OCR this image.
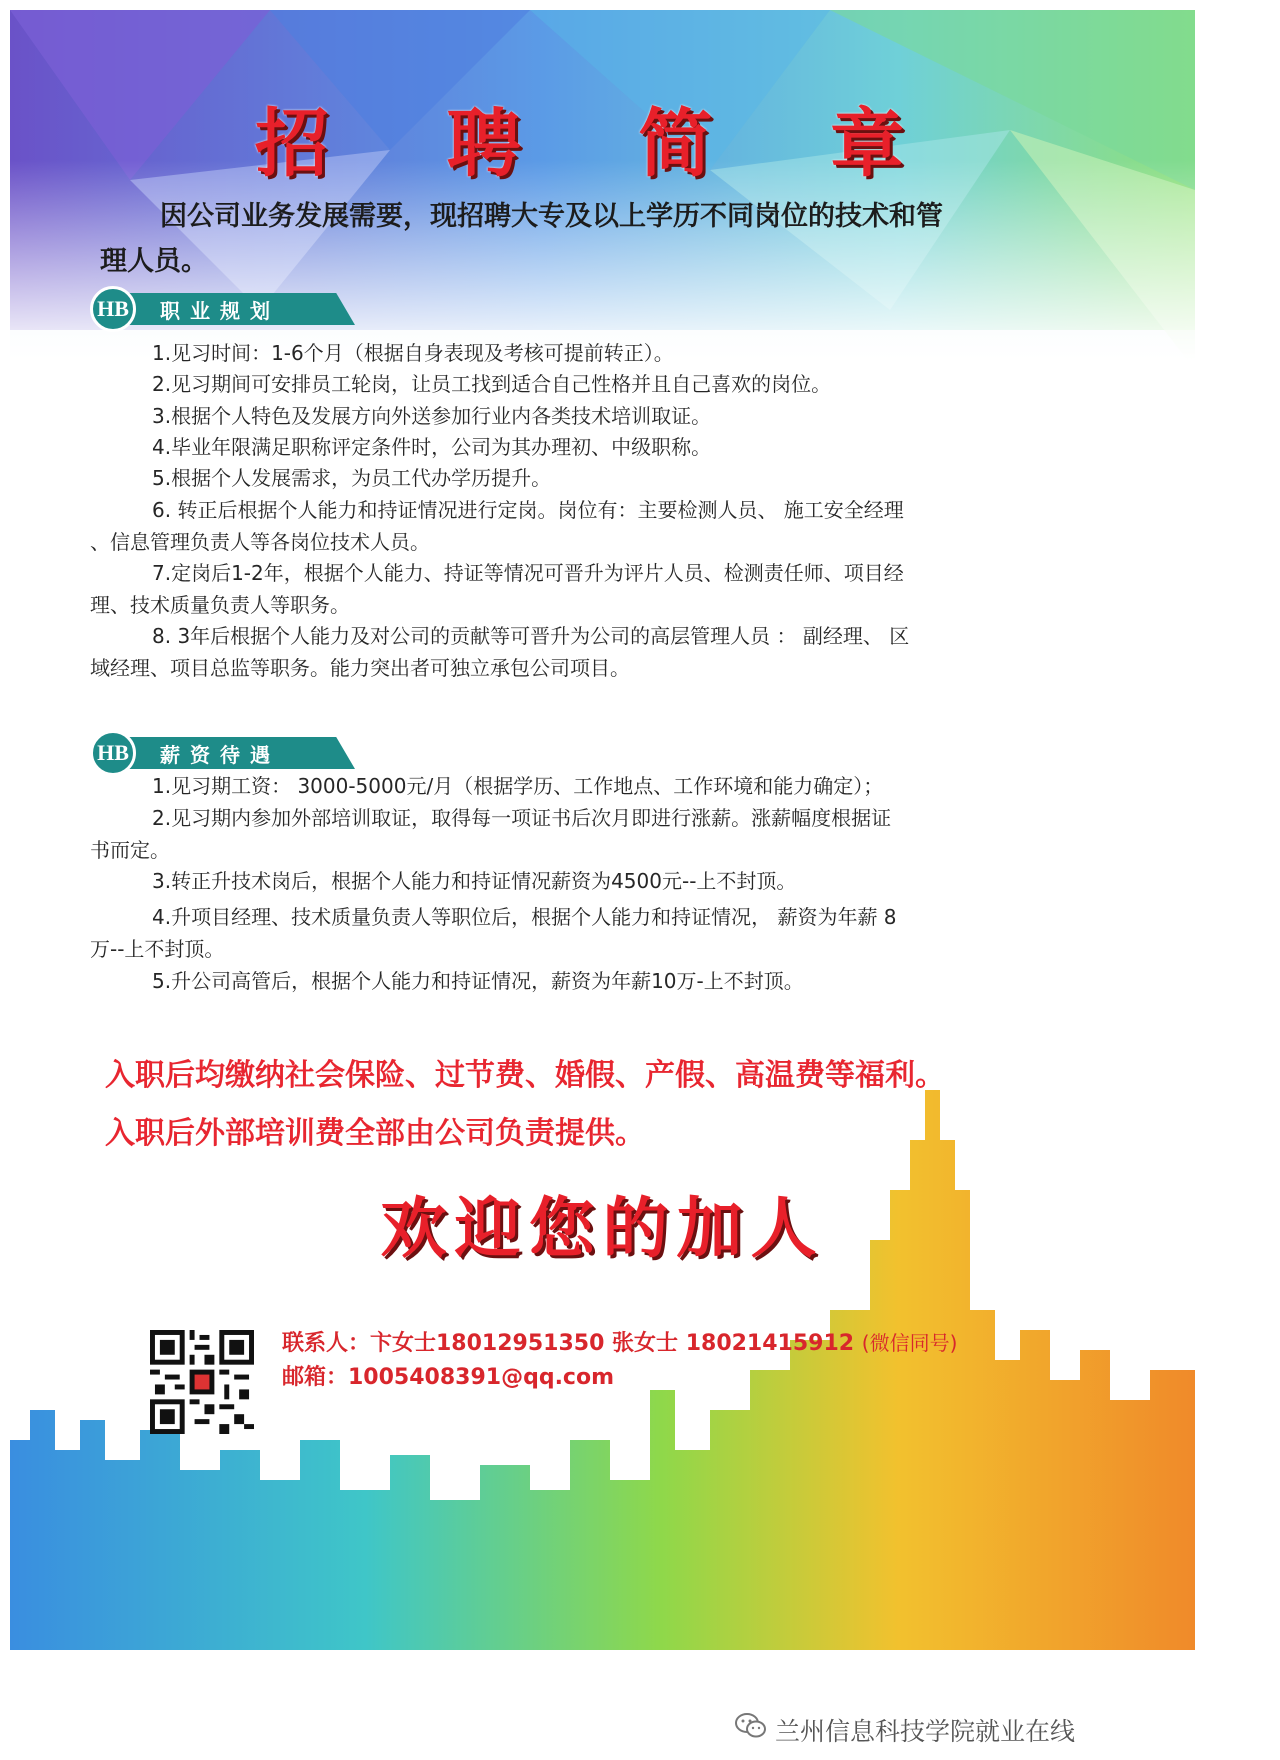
招 聘 简 章
因公司业务发展需要，现招聘大专及以上学历不同岗位的技术和管
理人员。
HB	职业规划
1.见习时间：1-6个月（根据自身表现及考核可提前转正）。
2.见习期间可安排员工轮岗，让员工找到适合自己性格并且自己喜欢的岗位。
3.根据个人特色及发展方向外送参加行业内各类技术培训取证。
4.毕业年限满足职称评定条件时，公司为其办理初、中级职称。
5.根据个人发展需求，为员工代办学历提升。
6. 转正后根据个人能力和持证情况进行定岗。岗位有：主要检测人员、 施工安全经理
、信息管理负责人等各岗位技术人员。
7.定岗后1-2年，根据个人能力、持证等情况可晋升为评片人员、检测责任师、项目经
理、技术质量负责人等职务。
8. 3年后根据个人能力及对公司的贡献等可晋升为公司的高层管理人员 ： 副经理、 区
域经理、项目总监等职务。能力突出者可独立承包公司项目。
HB	薪资待遇
1.见习期工资： 3000-5000元/月（根据学历、工作地点、工作环境和能力确定）；
2.见习期内参加外部培训取证，取得每一项证书后次月即进行涨薪。涨薪幅度根据证
书而定。
3.转正升技术岗后，根据个人能力和持证情况薪资为4500元--上不封顶。
4.升项目经理、技术质量负责人等职位后，根据个人能力和持证情况， 薪资为年薪 8
万--上不封顶。
5.升公司高管后，根据个人能力和持证情况，薪资为年薪10万-上不封顶。
入职后均缴纳社会保险、过节费、婚假、产假、高温费等福利。
入职后外部培训费全部由公司负责提供。
欢迎您的加人
联系人：卞女士18012951350 张女士 18021415912 (微信同号)
邮箱：1005408391@qq.com
兰州信息科技学院就业在线
